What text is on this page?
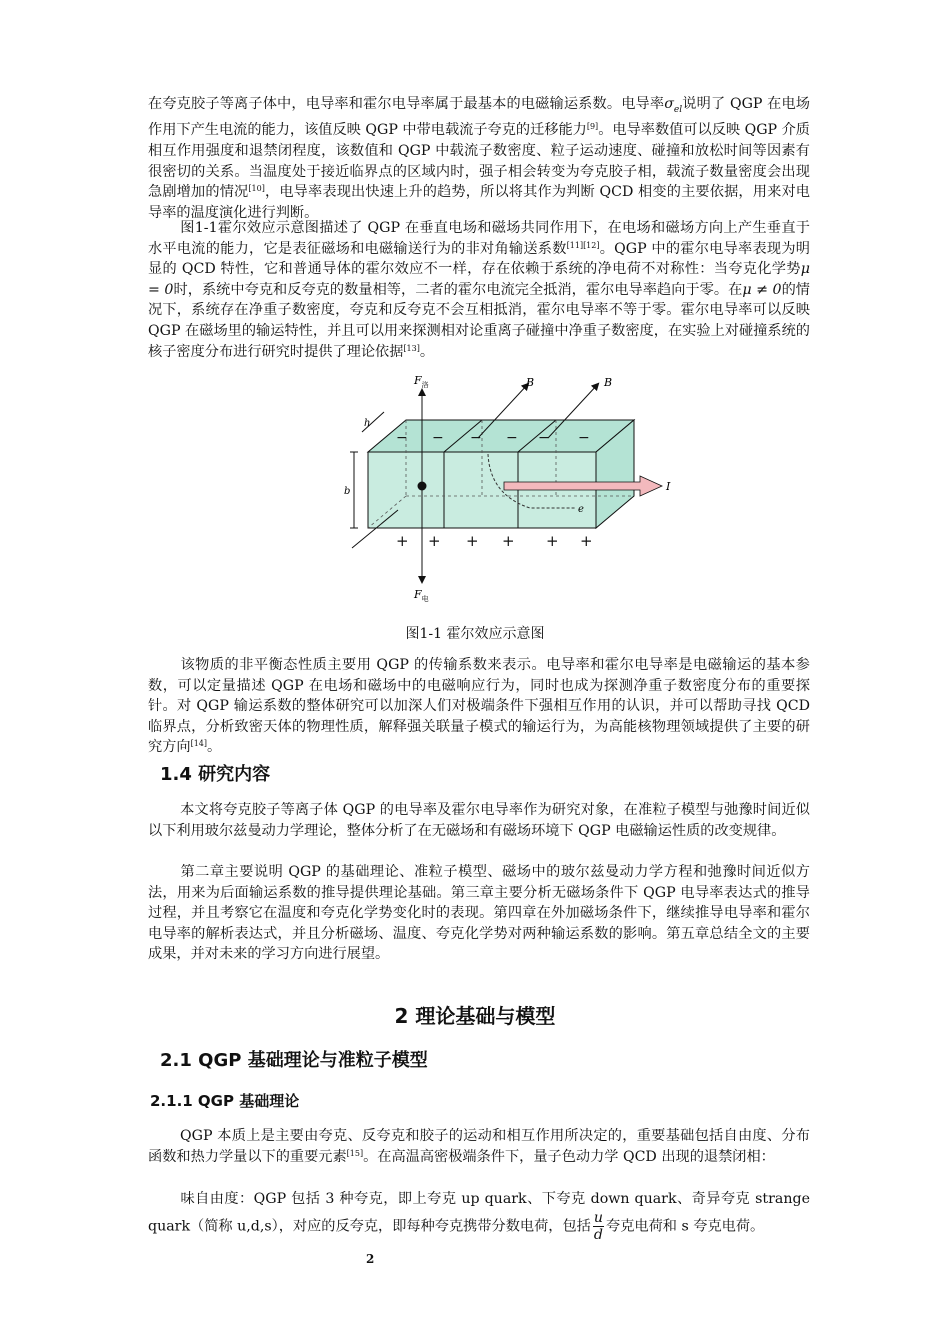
在夸克胶子等离子体中，电导率和霍尔电导率属于最基本的电磁输运系数。电导率$\sigma_{el}$说明了 QGP 在电场作用下产生电流的能力，该值反映 QGP 中带电载流子夸克的迁移能力[9]。电导率数值可以反映 QGP 介质相互作用强度和退禁闭程度，该数值和 QGP 中载流子数密度、粒子运动速度、碰撞和放松时间等因素有很密切的关系。当温度处于接近临界点的区域内时，强子相会转变为夸克胶子相，载流子数量密度会出现急剧增加的情况[10]，电导率表现出快速上升的趋势，所以将其作为判断 QCD 相变的主要依据，用来对电导率的温度演化进行判断。

图1-1霍尔效应示意图描述了 QGP 在垂直电场和磁场共同作用下，在电场和磁场方向上产生垂直于水平电流的能力，它是表征磁场和电磁输送行为的非对角输送系数[11][12]。QGP 中的霍尔电导率表现为明显的 QCD 特性，它和普通导体的霍尔效应不一样，存在依赖于系统的净电荷不对称性：当夸克化学势μ = 0时，系统中夸克和反夸克的数量相等，二者的霍尔电流完全抵消，霍尔电导率趋向于零。在μ ≠ 0的情况下，系统存在净重子数密度，夸克和反夸克不会互相抵消，霍尔电导率不等于零。霍尔电导率可以反映 QGP 在磁场里的输运特性，并且可以用来探测相对论重离子碰撞中净重子数密度，在实验上对碰撞系统的核子密度分布进行研究时提供了理论依据[13]。

$F_洛$
$F_电$
B	B
h
b	I
e
− − − − − −
+ + + + + +

图1-1 霍尔效应示意图

该物质的非平衡态性质主要用 QGP 的传输系数来表示。电导率和霍尔电导率是电磁输运的基本参数，可以定量描述 QGP 在电场和磁场中的电磁响应行为，同时也成为探测净重子数密度分布的重要探针。对 QGP 输运系数的整体研究可以加深人们对极端条件下强相互作用的认识，并可以帮助寻找 QCD 临界点，分析致密天体的物理性质，解释强关联量子模式的输运行为，为高能核物理领域提供了主要的研究方向[14]。

1.4 研究内容

本文将夸克胶子等离子体 QGP 的电导率及霍尔电导率作为研究对象，在准粒子模型与弛豫时间近似以下利用玻尔兹曼动力学理论，整体分析了在无磁场和有磁场环境下 QGP 电磁输运性质的改变规律。

第二章主要说明 QGP 的基础理论、准粒子模型、磁场中的玻尔兹曼动力学方程和弛豫时间近似方法，用来为后面输运系数的推导提供理论基础。第三章主要分析无磁场条件下 QGP 电导率表达式的推导过程，并且考察它在温度和夸克化学势变化时的表现。第四章在外加磁场条件下，继续推导电导率和霍尔电导率的解析表达式，并且分析磁场、温度、夸克化学势对两种输运系数的影响。第五章总结全文的主要成果，并对未来的学习方向进行展望。

2 理论基础与模型
2.1 QGP 基础理论与准粒子模型
2.1.1 QGP 基础理论

QGP 本质上是主要由夸克、反夸克和胶子的运动和相互作用所决定的，重要基础包括自由度、分布函数和热力学量以下的重要元素[15]。在高温高密极端条件下，量子色动力学 QCD 出现的退禁闭相：

味自由度：QGP 包括 3 种夸克，即上夸克 up quark、下夸克 down quark、奇异夸克 strange quark（简称 u,d,s），对应的反夸克，即每种夸克携带分数电荷，包括 $\frac{u}{d}$ 夸克电荷和 s 夸克电荷。

2
